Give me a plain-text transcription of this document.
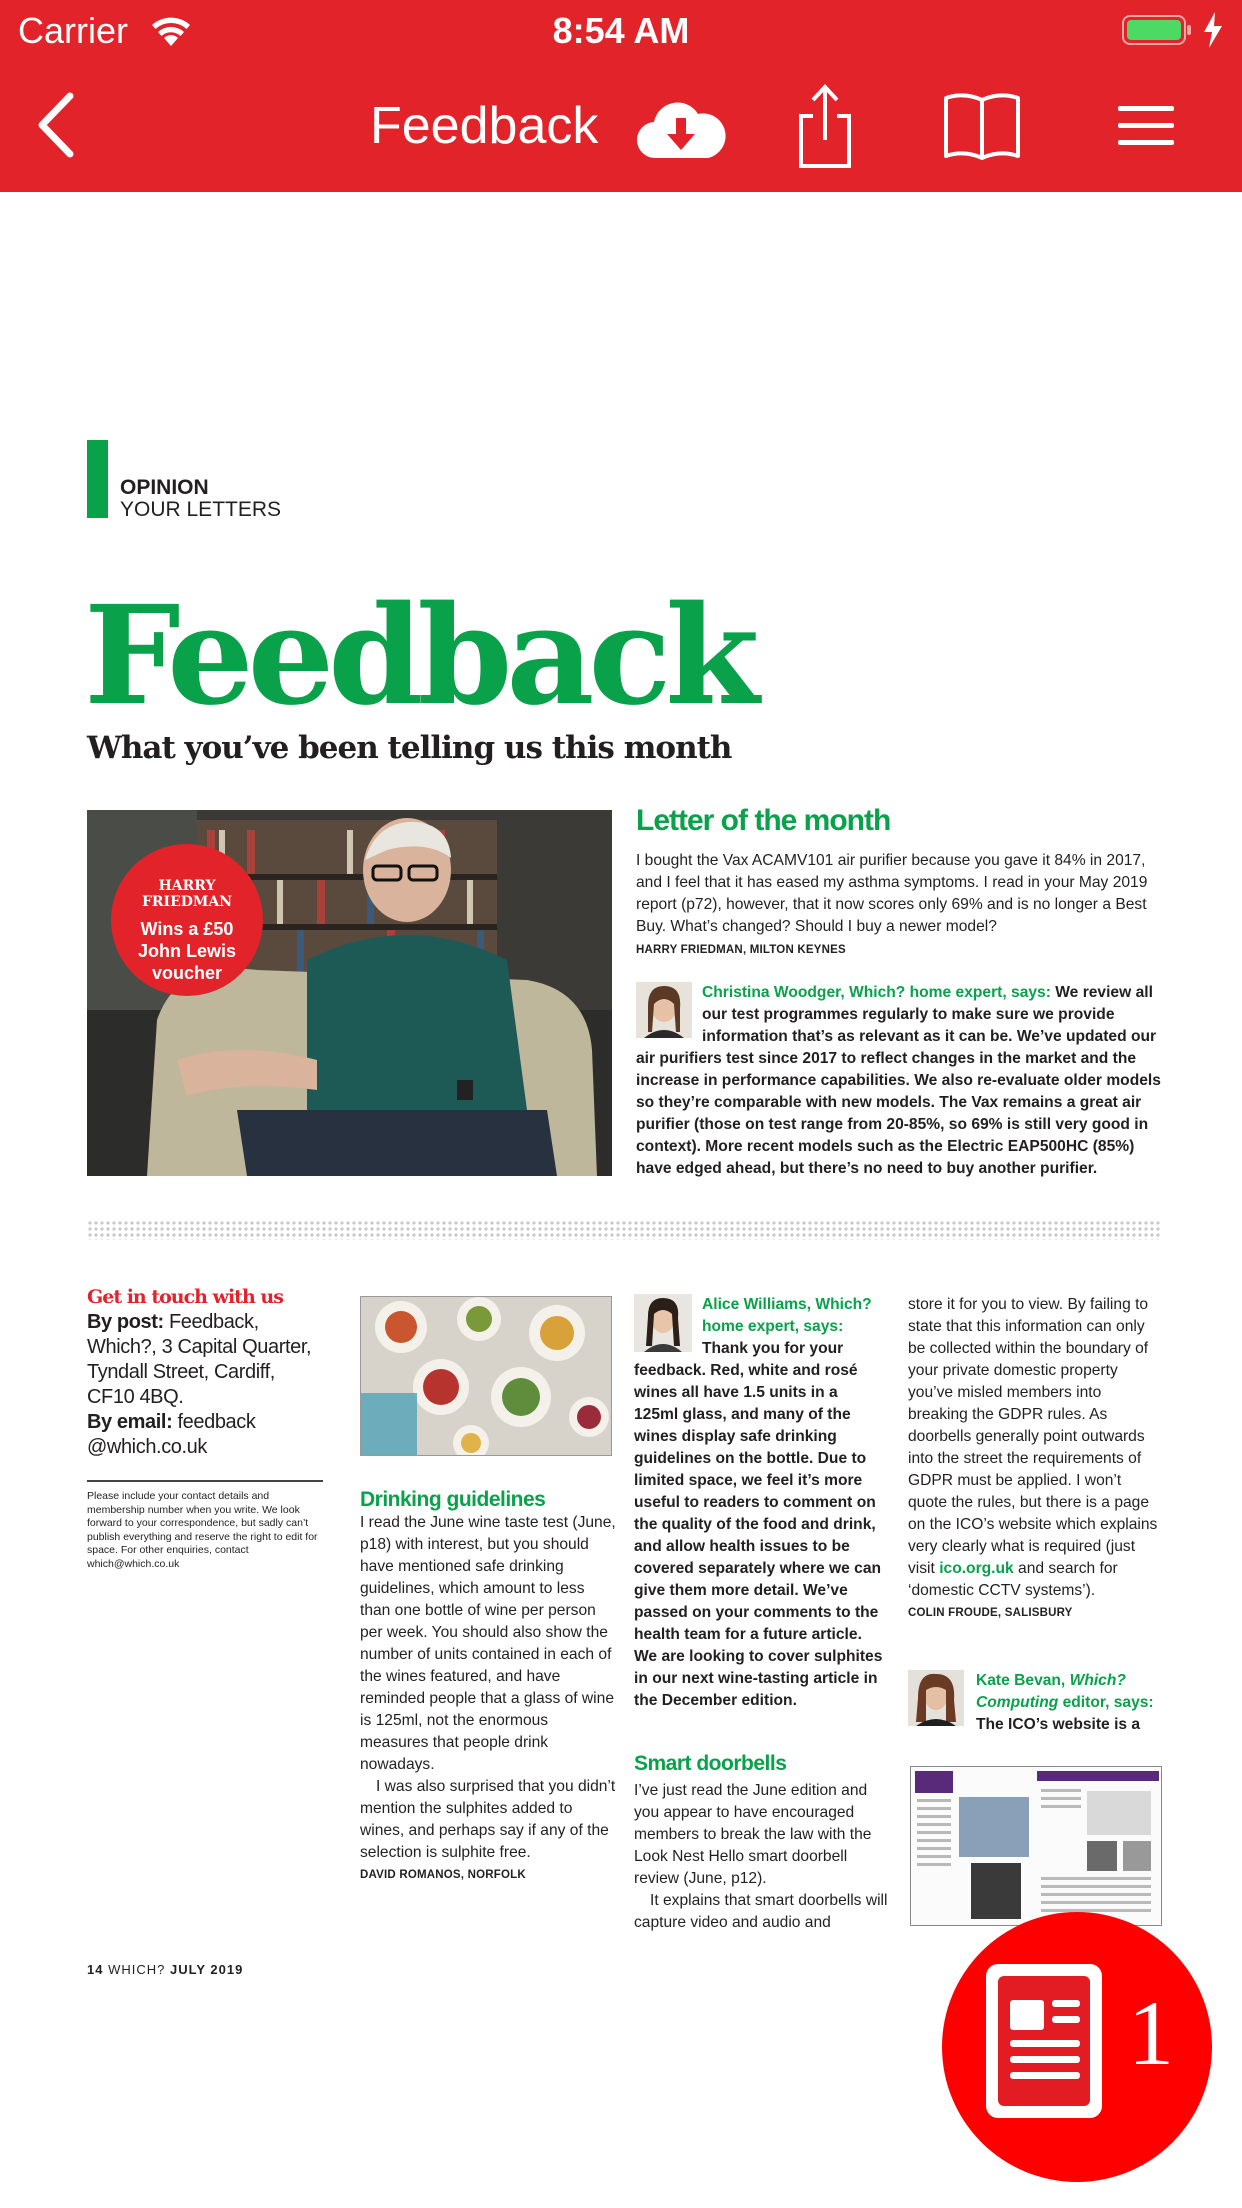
Carrier	8:54 AM
Feedback
OPINION
YOUR LETTERS
Feedback
What you’ve been telling us this month
HARRY
FRIEDMAN
Wins a £50 John Lewis voucher
Letter of the month
I bought the Vax ACAMV101 air purifier because you gave it 84% in 2017, and I feel that it has eased my asthma symptoms. I read in your May 2019 report (p72), however, that it now scores only 69% and is no longer a Best Buy. What’s changed? Should I buy a newer model?
HARRY FRIEDMAN, MILTON KEYNES
Christina Woodger, Which? home expert, says: We review all our test programmes regularly to make sure we provide information that’s as relevant as it can be. We’ve updated our air purifiers test since 2017 to reflect changes in the market and the increase in performance capabilities. We also re-evaluate older models so they’re comparable with new models. The Vax remains a great air purifier (those on test range from 20-85%, so 69% is still very good in context). More recent models such as the Electric EAP500HC (85%) have edged ahead, but there’s no need to buy another purifier.
Get in touch with us
By post: Feedback, Which?, 3 Capital Quarter, Tyndall Street, Cardiff, CF10 4BQ.
By email: feedback @which.co.uk
Please include your contact details and membership number when you write. We look forward to your correspondence, but sadly can’t publish everything and reserve the right to edit for space. For other enquiries, contact which@which.co.uk
Drinking guidelines
I read the June wine taste test (June, p18) with interest, but you should have mentioned safe drinking guidelines, which amount to less than one bottle of wine per person per week. You should also show the number of units contained in each of the wines featured, and have reminded people that a glass of wine is 125ml, not the enormous measures that people drink nowadays.
I was also surprised that you didn’t mention the sulphites added to wines, and perhaps say if any of the selection is sulphite free.
DAVID ROMANOS, NORFOLK
Alice Williams, Which? home expert, says: Thank you for your feedback. Red, white and rosé wines all have 1.5 units in a 125ml glass, and many of the wines display safe drinking guidelines on the bottle. Due to limited space, we feel it’s more useful to readers to comment on the quality of the food and drink, and allow health issues to be covered separately where we can give them more detail. We’ve passed on your comments to the health team for a future article. We are looking to cover sulphites in our next wine-tasting article in the December edition.
Smart doorbells
I’ve just read the June edition and you appear to have encouraged members to break the law with the Look Nest Hello smart doorbell review (June, p12).
It explains that smart doorbells will capture video and audio and
store it for you to view. By failing to state that this information can only be collected within the boundary of your private domestic property you’ve misled members into breaking the GDPR rules. As doorbells generally point outwards into the street the requirements of GDPR must be applied. I won’t quote the rules, but there is a page on the ICO’s website which explains very clearly what is required (just visit ico.org.uk and search for ‘domestic CCTV systems’).
COLIN FROUDE, SALISBURY
Kate Bevan, Which? Computing editor, says: The ICO’s website is a
14 WHICH? JULY 2019
1
